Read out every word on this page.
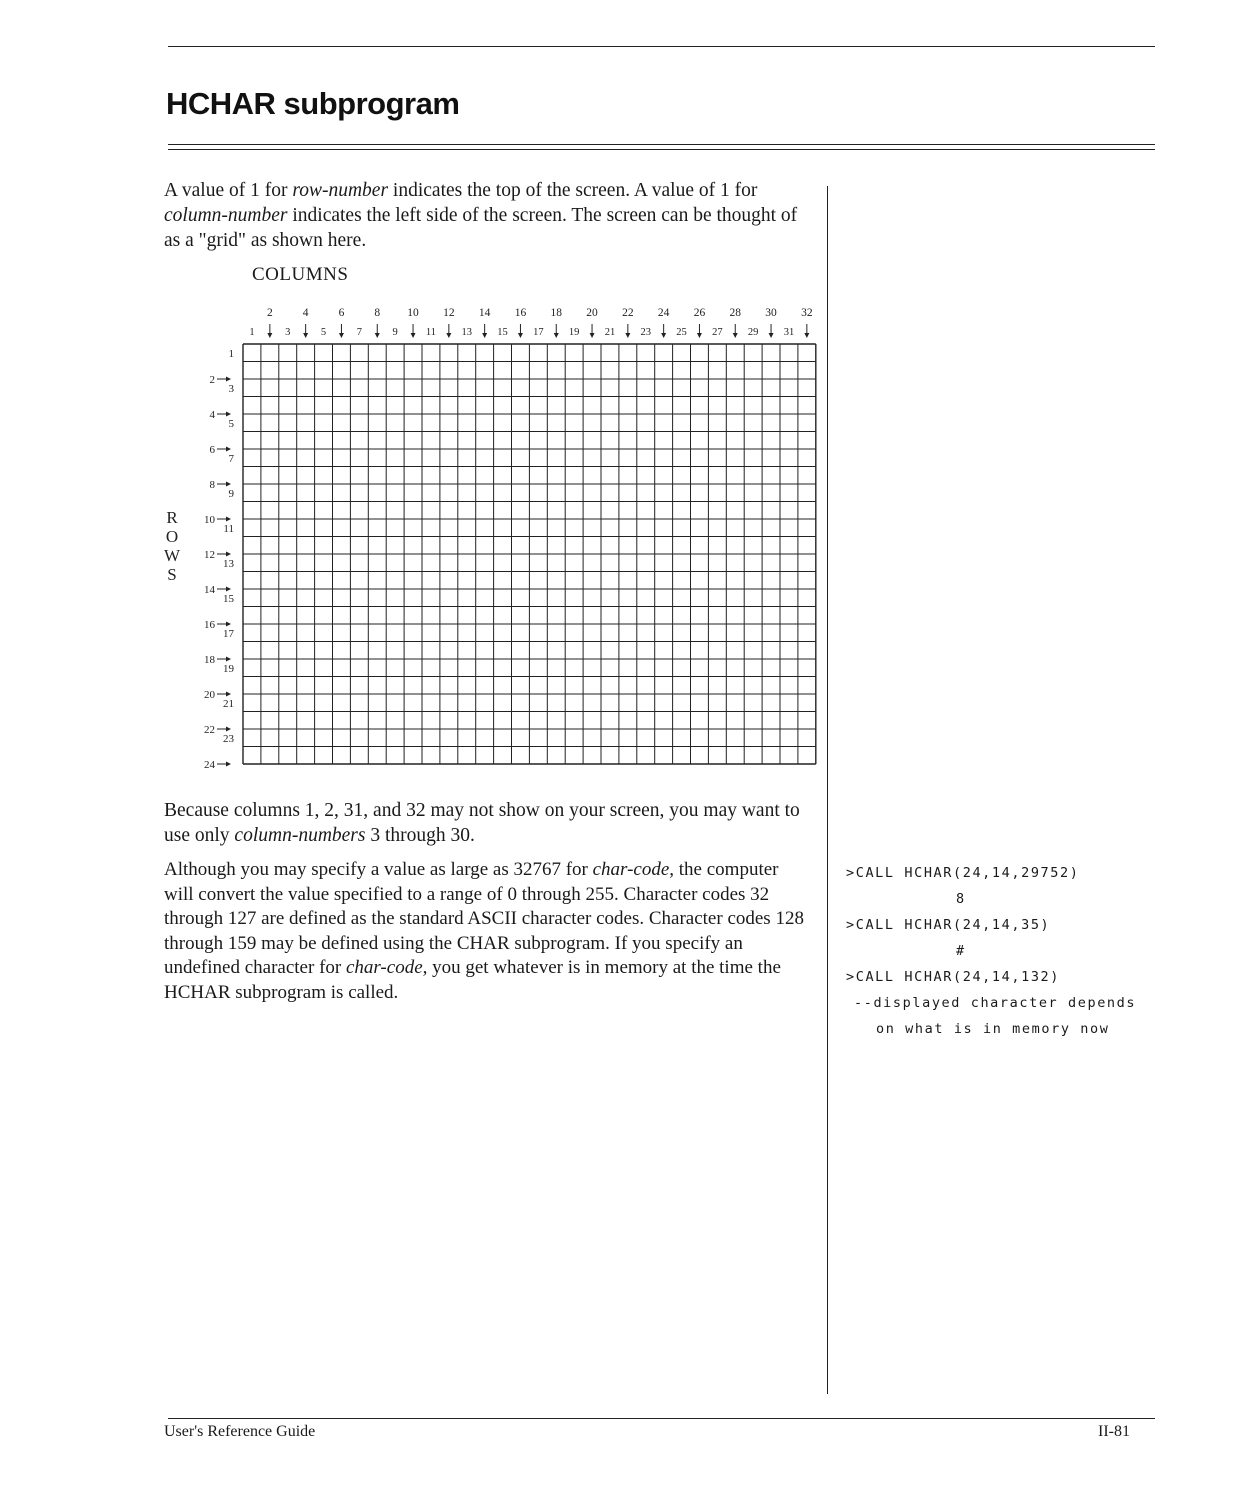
HCHAR subprogram

A value of 1 for row-number indicates the top of the screen. A value of 1 for column-number indicates the left side of the screen. The screen can be thought of as a "grid" as shown here.

COLUMNS
2	4	6	8 10 12 14 16 18 20 22 24 26 28 30 32
1	3	5	7	9	11 13 15 17 19 21 23 25 27 29 31
1
2
3
4
5
6
7
8
9
10
11
12
13
14
15
16
17
18
19
20
21
22
23
24
R
O
W
S

Because columns 1, 2, 31, and 32 may not show on your screen, you may want to use only column-numbers 3 through 30.

Although you may specify a value as large as 32767 for char-code, the computer will convert the value specified to a range of 0 through 255. Character codes 32 through 127 are defined as the standard ASCII character codes. Character codes 128 through 159 may be defined using the CHAR subprogram. If you specify an undefined character for char-code, you get whatever is in memory at the time the HCHAR subprogram is called.

>CALL HCHAR(24,14,29752)
8
>CALL HCHAR(24,14,35)
#
>CALL HCHAR(24,14,132)
--displayed character depends
on what is in memory now
User's Reference Guide	II-81
